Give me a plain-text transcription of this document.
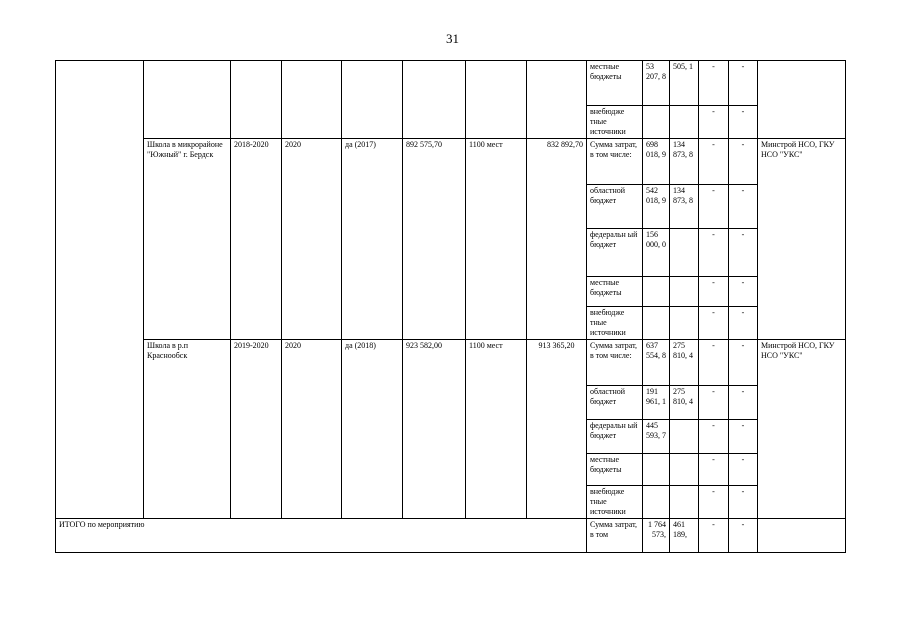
31
								местные бюджеты	53 207, 8	505, 1	-	-	
								внебюдже тные источники			-	-	
	Школа в микрорайоне "Южный" г. Бердск	2018-2020	2020	да (2017)	892 575,70	1100 мест	832 892,70	Сумма затрат, в том числе:	698 018, 9	134 873, 8	-	-	Минстрой НСО, ГКУ НСО "УКС"
								областной бюджет	542 018, 9	134 873, 8	-	-	
								федеральн ый бюджет	156 000, 0		-	-	
								местные бюджеты			-	-	
								внебюдже тные источники			-	-	
	Школа в р.п Краснообск	2019-2020	2020	да (2018)	923 582,00	1100 мест	913 365,20	Сумма затрат, в том числе:	637 554, 8	275 810, 4	-	-	Минстрой НСО, ГКУ НСО "УКС"
								областной бюджет	191 961, 1	275 810, 4	-	-	
								федеральн ый бюджет	445 593, 7		-	-	
								местные бюджеты			-	-	
								внебюдже тные источники			-	-	
ИТОГО по мероприятию								Сумма затрат, в том	1 764 573,	461 189,	-	-	
